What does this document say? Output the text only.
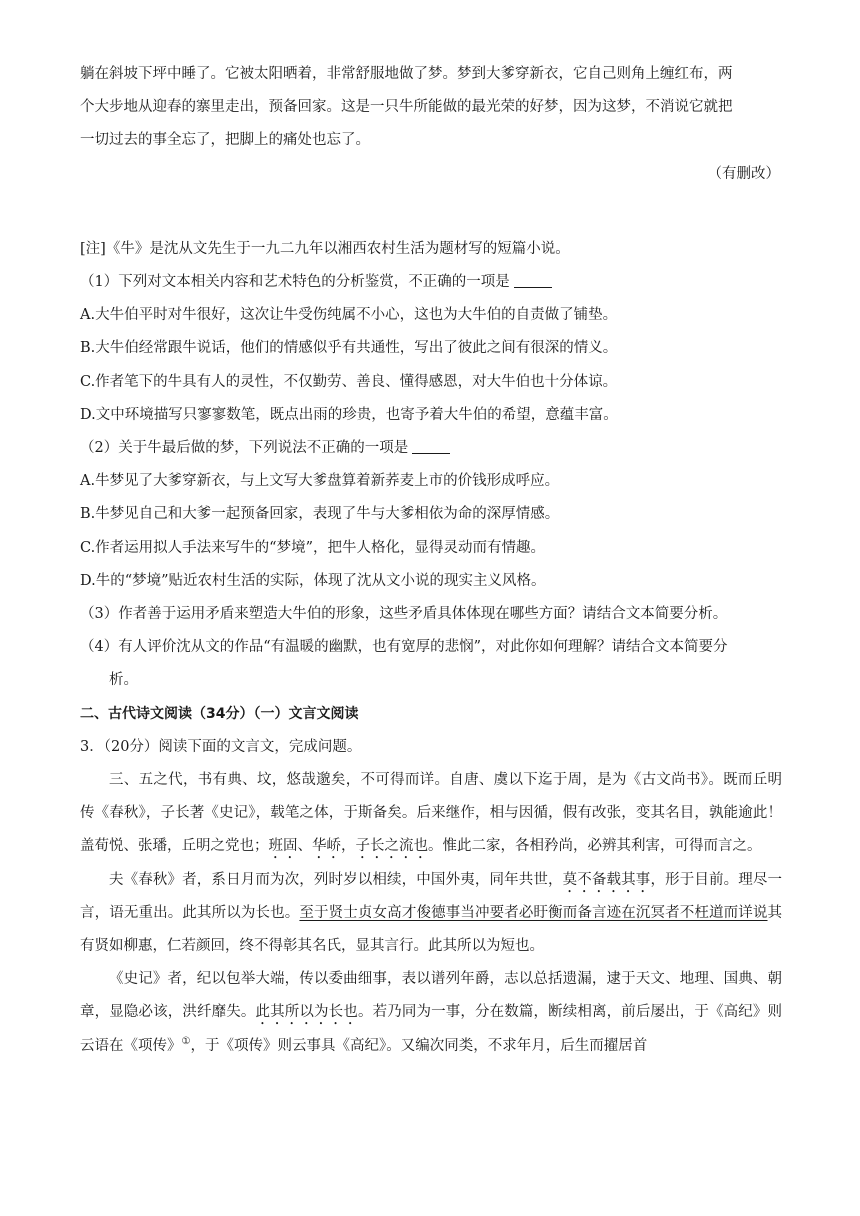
躺在斜坡下坪中睡了。它被太阳晒着，非常舒服地做了梦。梦到大爹穿新衣，它自己则角上缠红布，两

个大步地从迎春的寨里走出，预备回家。这是一只牛所能做的最光荣的好梦，因为这梦，不消说它就把

一切过去的事全忘了，把脚上的痛处也忘了。

（有删改）

[注]《牛》是沈从文先生于一九二九年以湘西农村生活为题材写的短篇小说。

（1）下列对文本相关内容和艺术特色的分析鉴赏，不正确的一项是

A.大牛伯平时对牛很好，这次让牛受伤纯属不小心，这也为大牛伯的自责做了铺垫。

B.大牛伯经常跟牛说话，他们的情感似乎有共通性，写出了彼此之间有很深的情义。

C.作者笔下的牛具有人的灵性，不仅勤劳、善良、懂得感恩，对大牛伯也十分体谅。

D.文中环境描写只寥寥数笔，既点出雨的珍贵，也寄予着大牛伯的希望，意蕴丰富。

（2）关于牛最后做的梦，下列说法不正确的一项是

A.牛梦见了大爹穿新衣，与上文写大爹盘算着新荞麦上市的价钱形成呼应。

B.牛梦见自己和大爹一起预备回家，表现了牛与大爹相依为命的深厚情感。

C.作者运用拟人手法来写牛的“梦境”，把牛人格化，显得灵动而有情趣。

D.牛的“梦境”贴近农村生活的实际，体现了沈从文小说的现实主义风格。

（3）作者善于运用矛盾来塑造大牛伯的形象，这些矛盾具体体现在哪些方面？请结合文本简要分析。

（4）有人评价沈从文的作品“有温暖的幽默，也有宽厚的悲悯”，对此你如何理解？请结合文本简要分

析。

二、古代诗文阅读（34分）（一）文言文阅读

3．（20分）阅读下面的文言文，完成问题。

三、五之代，书有典、坟，悠哉邈矣，不可得而详。自唐、虞以下迄于周，是为《古文尚书》。既而丘明传《春秋》，子长著《史记》，载笔之体，于斯备矣。后来继作，相与因循，假有改张，变其名目，孰能逾此！盖荀悦、张璠，丘明之党也；班固、华峤，子长之流也。惟此二家，各相矜尚，必辨其利害，可得而言之。

夫《春秋》者，系日月而为次，列时岁以相续，中国外夷，同年共世，莫不备载其事，形于目前。理尽一言，语无重出。此其所以为长也。至于贤士贞女高才俊德事当冲要者必盱衡而备言迹在沉冥者不枉道而详说其有贤如柳惠，仁若颜回，终不得彰其名氏，显其言行。此其所以为短也。

《史记》者，纪以包举大端，传以委曲细事，表以谱列年爵，志以总括遗漏，逮于天文、地理、国典、朝章，显隐必该，洪纤靡失。此其所以为长也。若乃同为一事，分在数篇，断续相离，前后屡出，于《高纪》则云语在《项传》①，于《项传》则云事具《高纪》。又编次同类，不求年月，后生而擢居首
